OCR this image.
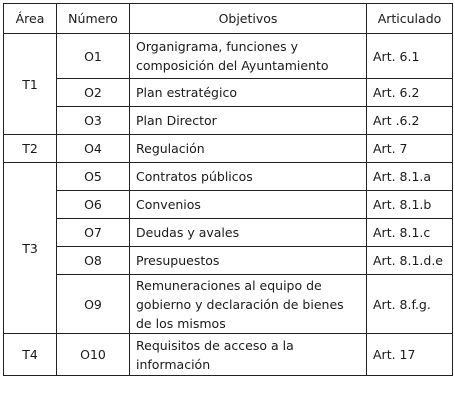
Área	Número	Objetivos	Articulado
T1	O1	Organigrama, funciones y composición del Ayuntamiento	Art. 6.1
	O2	Plan estratégico	Art. 6.2
	O3	Plan Director	Art .6.2
T2	O4	Regulación	Art. 7
T3	O5	Contratos públicos	Art. 8.1.a
	O6	Convenios	Art. 8.1.b
	O7	Deudas y avales	Art. 8.1.c
	O8	Presupuestos	Art. 8.1.d.e
	O9	Remuneraciones al equipo de gobierno y declaración de bienes de los mismos	Art. 8.f.g.
T4	O10	Requisitos de acceso a la información	Art. 17
